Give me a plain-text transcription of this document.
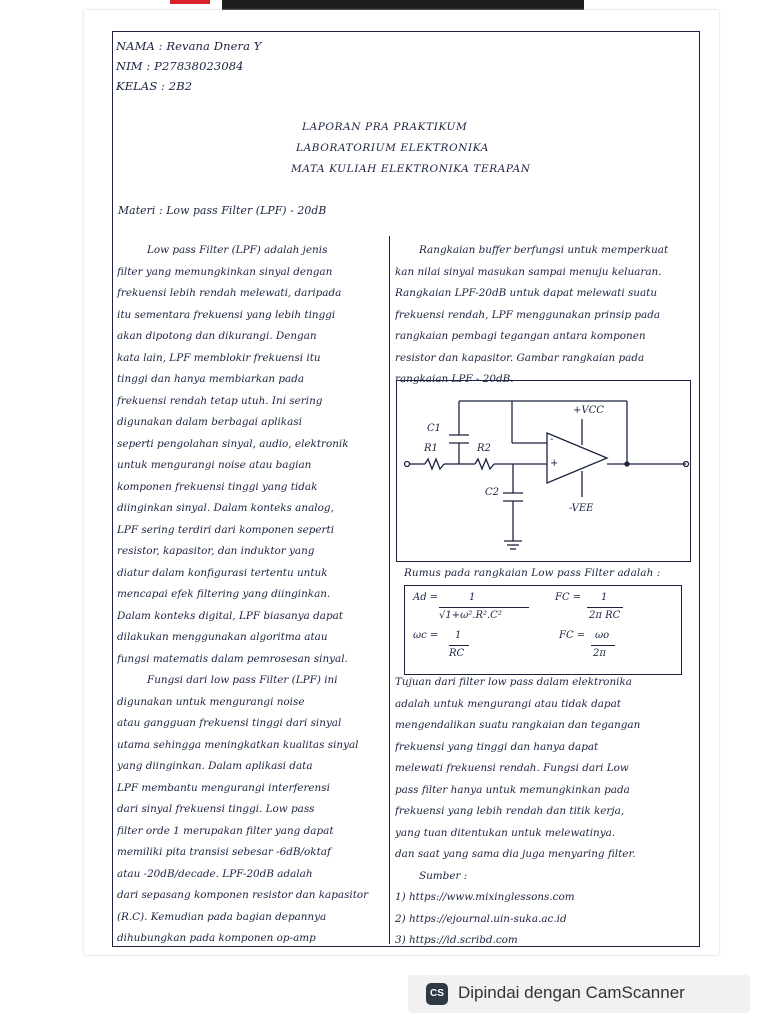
NAMA : Revana Dnera Y
NIM : P27838023084
KELAS : 2B2
LAPORAN PRA PRAKTIKUM
LABORATORIUM ELEKTRONIKA
MATA KULIAH ELEKTRONIKA TERAPAN
Materi : Low pass Filter (LPF) - 20dB
Low pass Filter (LPF) adalah jenis
filter yang memungkinkan sinyal dengan
frekuensi lebih rendah melewati, daripada
itu sementara frekuensi yang lebih tinggi
akan dipotong dan dikurangi. Dengan
kata lain, LPF memblokir frekuensi itu
tinggi dan hanya membiarkan pada
frekuensi rendah tetap utuh. Ini sering
digunakan dalam berbagai aplikasi
seperti pengolahan sinyal, audio, elektronik
untuk mengurangi noise atau bagian
komponen frekuensi tinggi yang tidak
diinginkan sinyal. Dalam konteks analog,
LPF sering terdiri dari komponen seperti
resistor, kapasitor, dan induktor yang
diatur dalam konfigurasi tertentu untuk
mencapai efek filtering yang diinginkan.
Dalam konteks digital, LPF biasanya dapat
dilakukan menggunakan algoritma atau
fungsi matematis dalam pemrosesan sinyal.
Fungsi dari low pass Filter (LPF) ini
digunakan untuk mengurangi noise
atau gangguan frekuensi tinggi dari sinyal
utama sehingga meningkatkan kualitas sinyal
yang diinginkan. Dalam aplikasi data
LPF membantu mengurangi interferensi
dari sinyal frekuensi tinggi. Low pass
filter orde 1 merupakan filter yang dapat
memiliki pita transisi sebesar -6dB/oktaf
atau -20dB/decade. LPF-20dB adalah
dari sepasang komponen resistor dan kapasitor
(R.C). Kemudian pada bagian depannya
dihubungkan pada komponen op-amp
Rangkaian buffer berfungsi untuk memperkuat
kan nilai sinyal masukan sampai menuju keluaran.
Rangkaian LPF-20dB untuk dapat melewati suatu
frekuensi rendah, LPF menggunakan prinsip pada
rangkaian pembagi tegangan antara komponen
resistor dan kapasitor. Gambar rangkaian pada
rangkaian LPF - 20dB.
C1
R1	R2
C2
+VCC
-VEE
-
+
Rumus pada rangkaian Low pass Filter adalah :
Ad =	1
√1+ω².R².C²
FC = 1
2π RC
ωc = 1
RC
FC = ωo
2π
Tujuan dari filter low pass dalam elektronika
adalah untuk mengurangi atau tidak dapat
mengendalikan suatu rangkaian dan tegangan
frekuensi yang tinggi dan hanya dapat
melewati frekuensi rendah. Fungsi dari Low
pass filter hanya untuk memungkinkan pada
frekuensi yang lebih rendah dan titik kerja,
yang tuan ditentukan untuk melewatinya.
dan saat yang sama dia juga menyaring filter.
Sumber :
1) https://www.mixinglessons.com
2) https://ejournal.uin-suka.ac.id
3) https://id.scribd.com
CS Dipindai dengan CamScanner
